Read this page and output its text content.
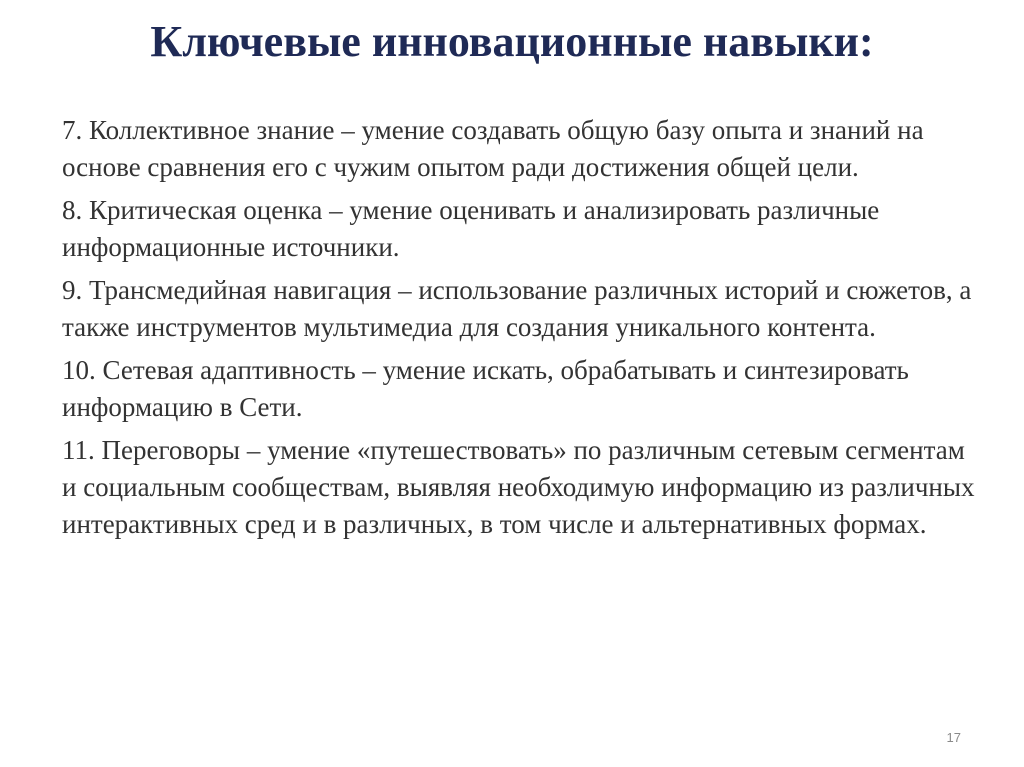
Ключевые инновационные навыки:

7. Коллективное знание – умение создавать общую базу опыта и знаний на основе сравнения его с чужим опытом ради достижения общей цели.

8. Критическая оценка – умение оценивать и анализировать различные информационные источники.

9. Трансмедийная навигация – использование различных историй и сюжетов, а также инструментов мультимедиа для создания уникального контента.

10. Сетевая адаптивность – умение искать, обрабатывать и синтезировать информацию в Сети.

11. Переговоры – умение «путешествовать» по различным сетевым сегментам и социальным сообществам, выявляя необходимую информацию из различных интерактивных сред и в различных, в том числе и альтернативных формах.

17
